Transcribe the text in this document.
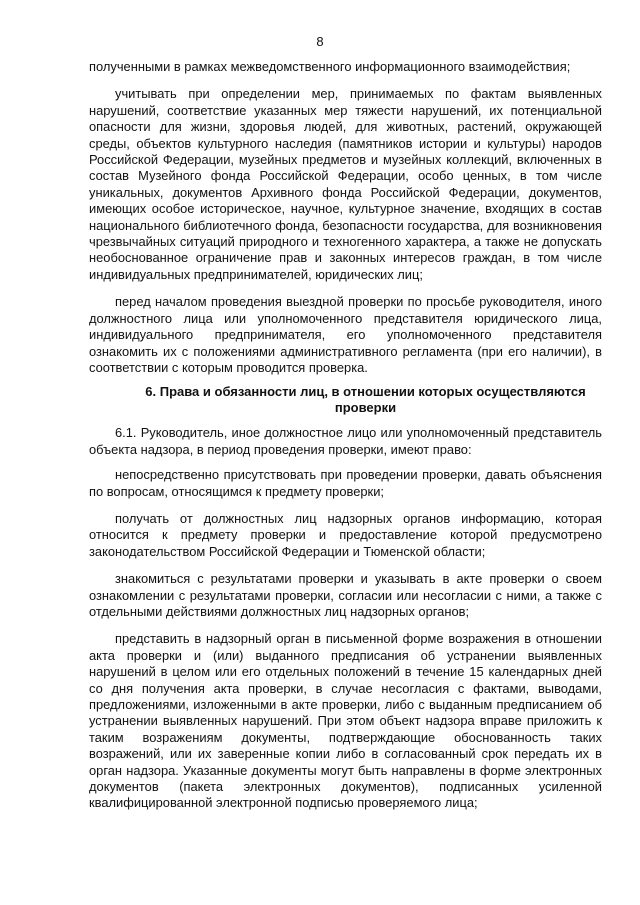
8

полученными в рамках межведомственного информационного взаимодействия;

учитывать при определении мер, принимаемых по фактам выявленных нарушений, соответствие указанных мер тяжести нарушений, их потенциальной опасности для жизни, здоровья людей, для животных, растений, окружающей среды, объектов культурного наследия (памятников истории и культуры) народов Российской Федерации, музейных предметов и музейных коллекций, включенных в состав Музейного фонда Российской Федерации, особо ценных, в том числе уникальных, документов Архивного фонда Российской Федерации, документов, имеющих особое историческое, научное, культурное значение, входящих в состав национального библиотечного фонда, безопасности государства, для возникновения чрезвычайных ситуаций природного и техногенного характера, а также не допускать необоснованное ограничение прав и законных интересов граждан, в том числе индивидуальных предпринимателей, юридических лиц;

перед началом проведения выездной проверки по просьбе руководителя, иного должностного лица или уполномоченного представителя юридического лица, индивидуального предпринимателя, его уполномоченного представителя ознакомить их с положениями административного регламента (при его наличии), в соответствии с которым проводится проверка.

6. Права и обязанности лиц, в отношении которых осуществляются проверки

6.1. Руководитель, иное должностное лицо или уполномоченный представитель объекта надзора, в период проведения проверки, имеют право:

непосредственно присутствовать при проведении проверки, давать объяснения по вопросам, относящимся к предмету проверки;

получать от должностных лиц надзорных органов информацию, которая относится к предмету проверки и предоставление которой предусмотрено законодательством Российской Федерации и Тюменской области;

знакомиться с результатами проверки и указывать в акте проверки о своем ознакомлении с результатами проверки, согласии или несогласии с ними, а также с отдельными действиями должностных лиц надзорных органов;

представить в надзорный орган в письменной форме возражения в отношении акта проверки и (или) выданного предписания об устранении выявленных нарушений в целом или его отдельных положений в течение 15 календарных дней со дня получения акта проверки, в случае несогласия с фактами, выводами, предложениями, изложенными в акте проверки, либо с выданным предписанием об устранении выявленных нарушений. При этом объект надзора вправе приложить к таким возражениям документы, подтверждающие обоснованность таких возражений, или их заверенные копии либо в согласованный срок передать их в орган надзора. Указанные документы могут быть направлены в форме электронных документов (пакета электронных документов), подписанных усиленной квалифицированной электронной подписью проверяемого лица;
